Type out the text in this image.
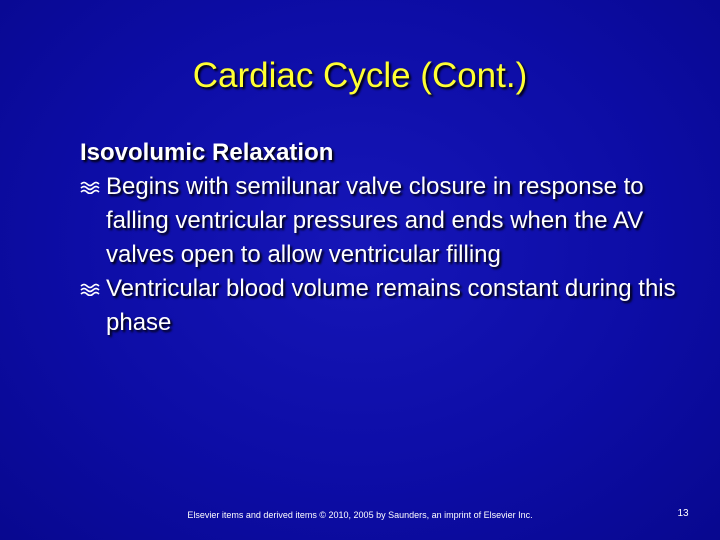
Cardiac Cycle (Cont.)
Isovolumic Relaxation
Begins with semilunar valve closure in response to falling ventricular pressures and ends when the AV valves open to allow ventricular filling
Ventricular blood volume remains constant during this phase
Elsevier items and derived items © 2010, 2005 by Saunders, an imprint of Elsevier Inc.	13
